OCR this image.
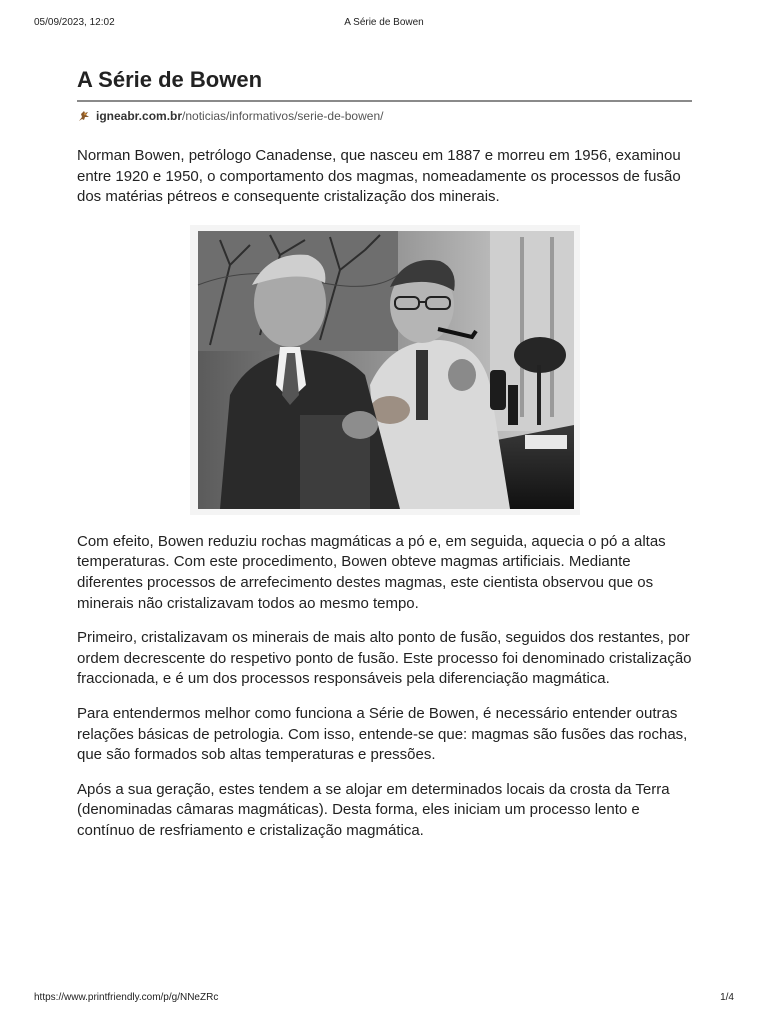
05/09/2023, 12:02	A Série de Bowen
A Série de Bowen
igneabr.com.br/noticias/informativos/serie-de-bowen/

Norman Bowen, petrólogo Canadense, que nasceu em 1887 e morreu em 1956, examinou entre 1920 e 1950, o comportamento dos magmas, nomeadamente os processos de fusão dos matérias pétreos e consequente cristalização dos minerais.

Com efeito, Bowen reduziu rochas magmáticas a pó e, em seguida, aquecia o pó a altas temperaturas. Com este procedimento, Bowen obteve magmas artificiais. Mediante diferentes processos de arrefecimento destes magmas, este cientista observou que os minerais não cristalizavam todos ao mesmo tempo.

Primeiro, cristalizavam os minerais de mais alto ponto de fusão, seguidos dos restantes, por ordem decrescente do respetivo ponto de fusão. Este processo foi denominado cristalização fraccionada, e é um dos processos responsáveis pela diferenciação magmática.

Para entendermos melhor como funciona a Série de Bowen, é necessário entender outras relações básicas de petrologia. Com isso, entende-se que: magmas são fusões das rochas, que são formados sob altas temperaturas e pressões.

Após a sua geração, estes tendem a se alojar em determinados locais da crosta da Terra (denominadas câmaras magmáticas). Desta forma, eles iniciam um processo lento e contínuo de resfriamento e cristalização magmática.

https://www.printfriendly.com/p/g/NNeZRc	1/4
